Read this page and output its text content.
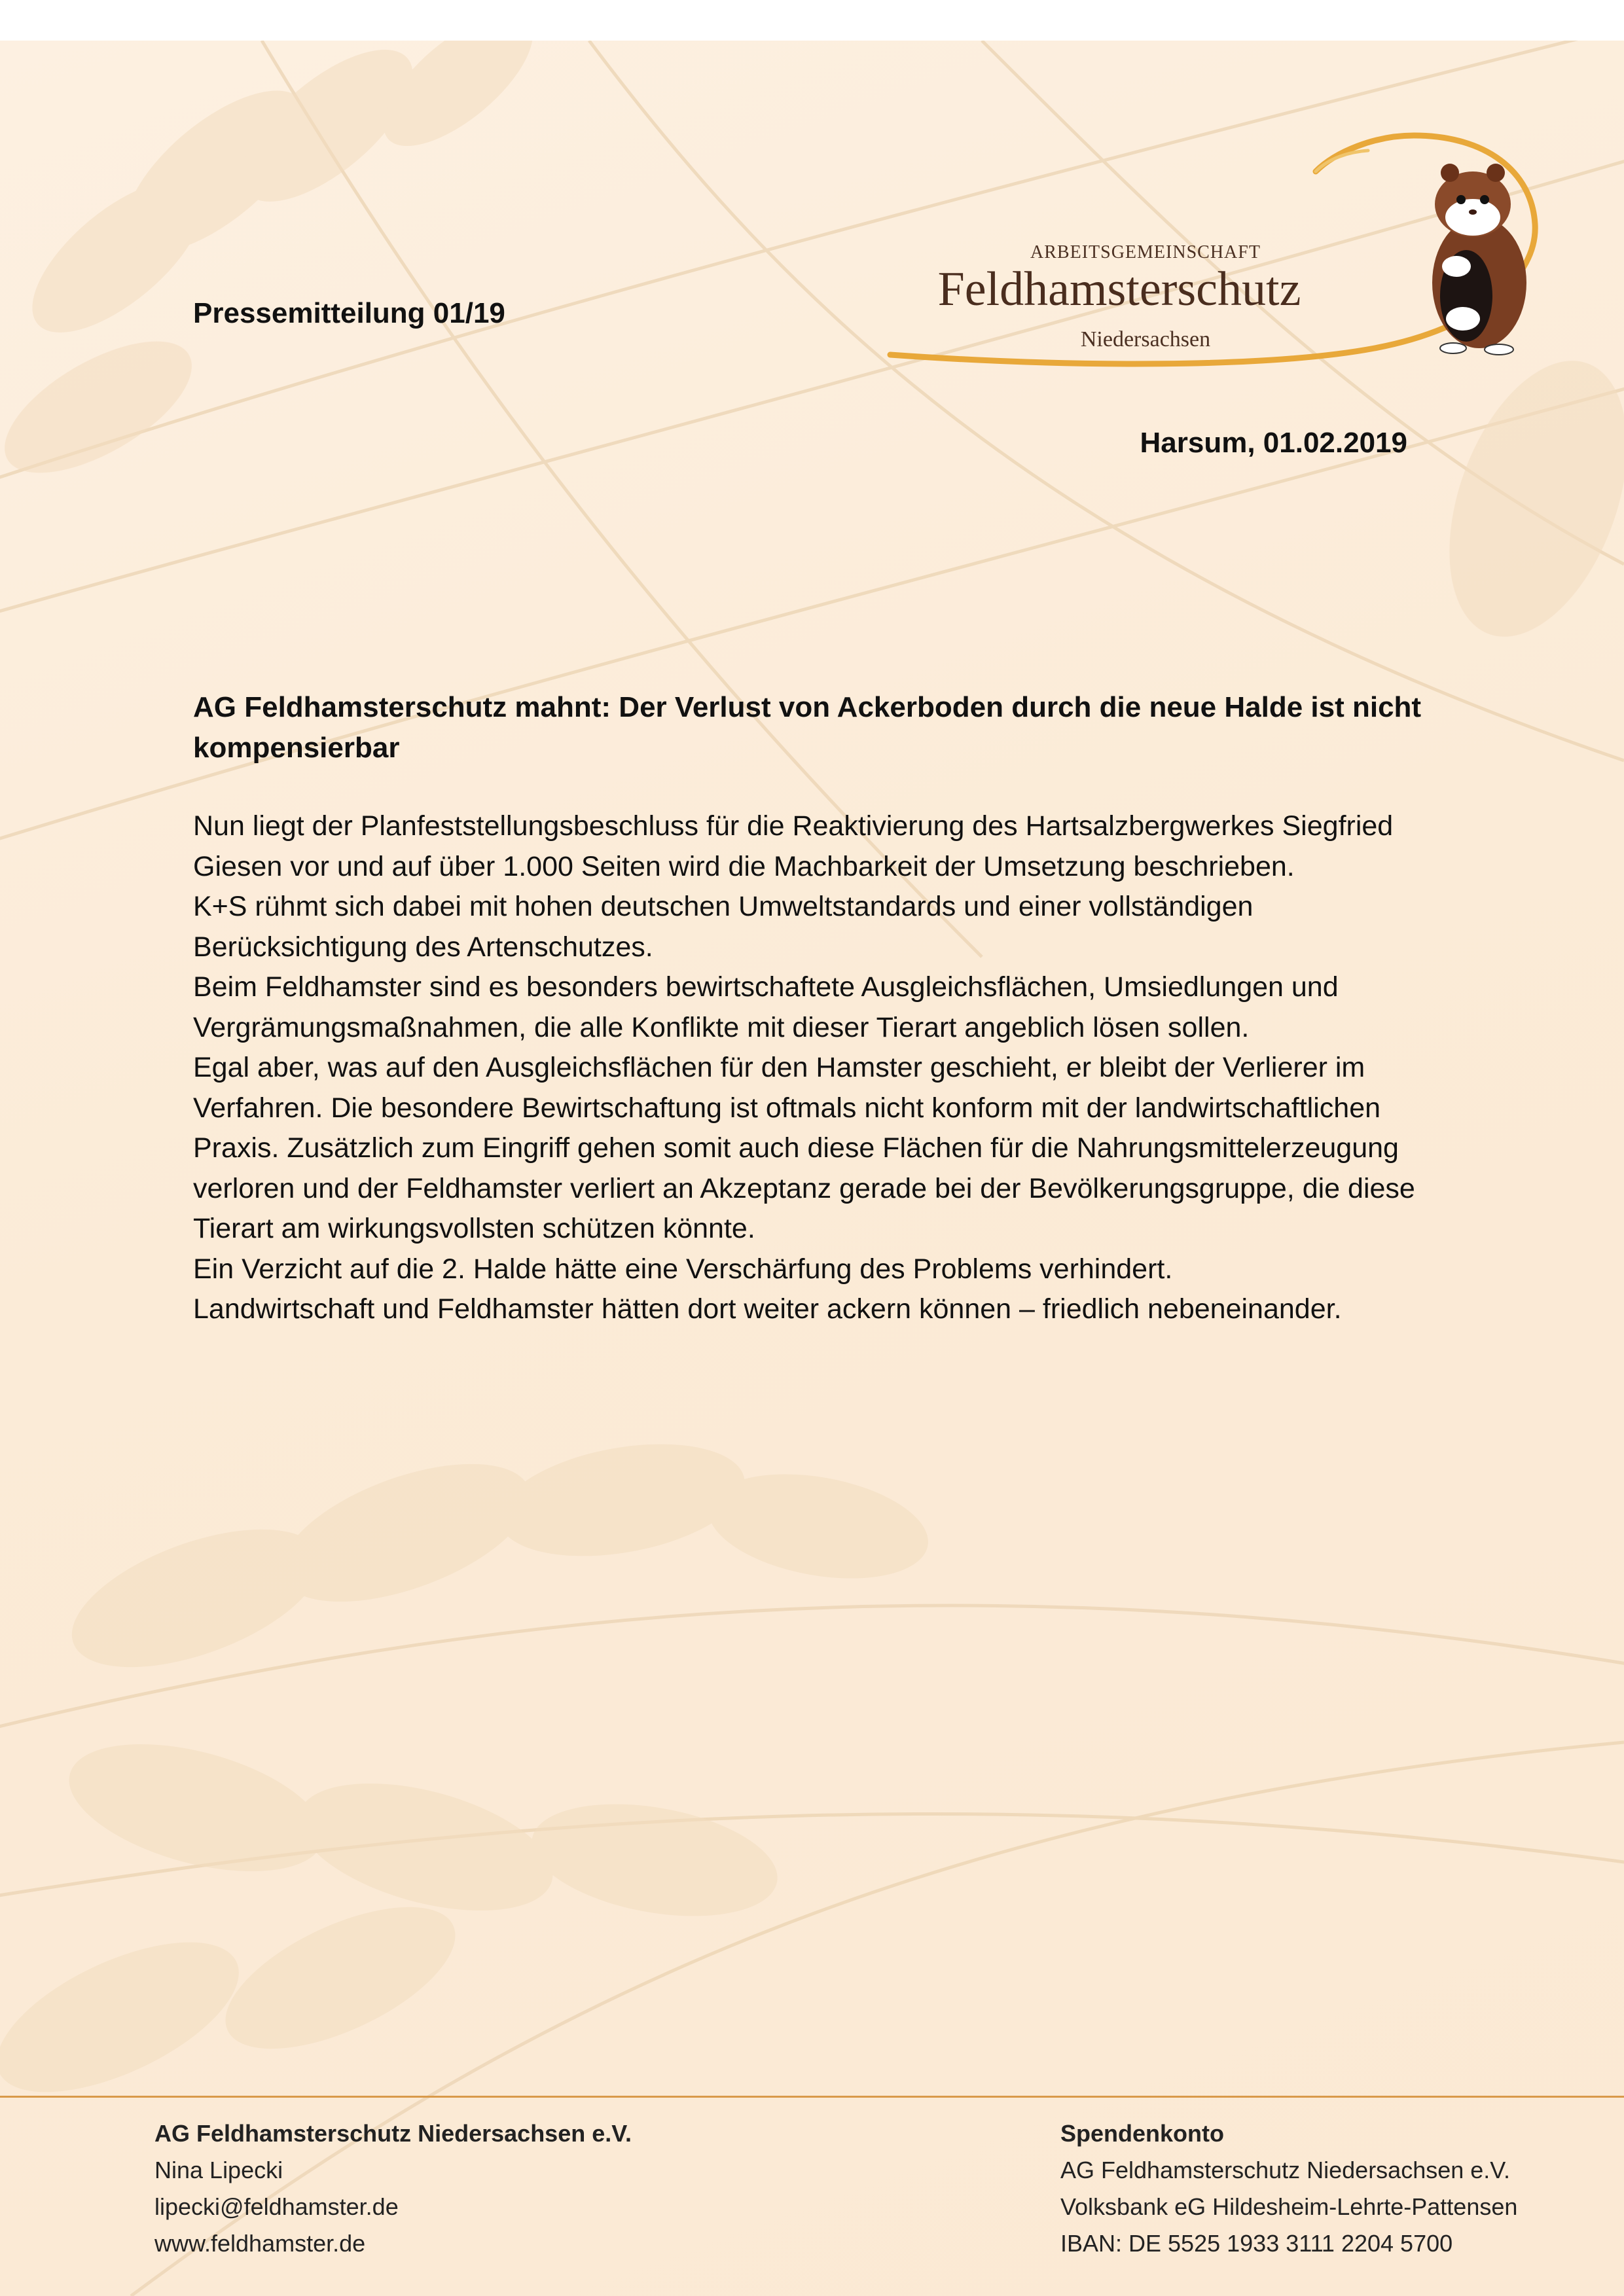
Pressemitteilung 01/19
ARBEITSGEMEINSCHAFT
Feldhamsterschutz
Niedersachsen
Harsum, 01.02.2019
AG Feldhamsterschutz mahnt: Der Verlust von Ackerboden durch die neue Halde ist nicht kompensierbar

Nun liegt der Planfeststellungsbeschluss für die Reaktivierung des Hartsalzbergwerkes Siegfried Giesen vor und auf über 1.000 Seiten wird die Machbarkeit der Umsetzung beschrieben.

K+S rühmt sich dabei mit hohen deutschen Umweltstandards und einer vollständigen Berücksichtigung des Artenschutzes.

Beim Feldhamster sind es besonders bewirtschaftete Ausgleichsflächen, Umsiedlungen und Vergrämungsmaßnahmen, die alle Konflikte mit dieser Tierart angeblich lösen sollen.

Egal aber, was auf den Ausgleichsflächen für den Hamster geschieht, er bleibt der Verlierer im Verfahren. Die besondere Bewirtschaftung ist oftmals nicht konform mit der landwirtschaftlichen Praxis. Zusätzlich zum Eingriff gehen somit auch diese Flächen für die Nahrungsmittelerzeugung verloren und der Feldhamster verliert an Akzeptanz gerade bei der Bevölkerungsgruppe, die diese Tierart am wirkungsvollsten schützen könnte.

Ein Verzicht auf die 2. Halde hätte eine Verschärfung des Problems verhindert.

Landwirtschaft und Feldhamster hätten dort weiter ackern können – friedlich nebeneinander.

AG Feldhamsterschutz Niedersachsen e.V.
Nina Lipecki
lipecki@feldhamster.de
www.feldhamster.de
Spendenkonto
AG Feldhamsterschutz Niedersachsen e.V.
Volksbank eG Hildesheim-Lehrte-Pattensen
IBAN: DE 5525 1933 3111 2204 5700
